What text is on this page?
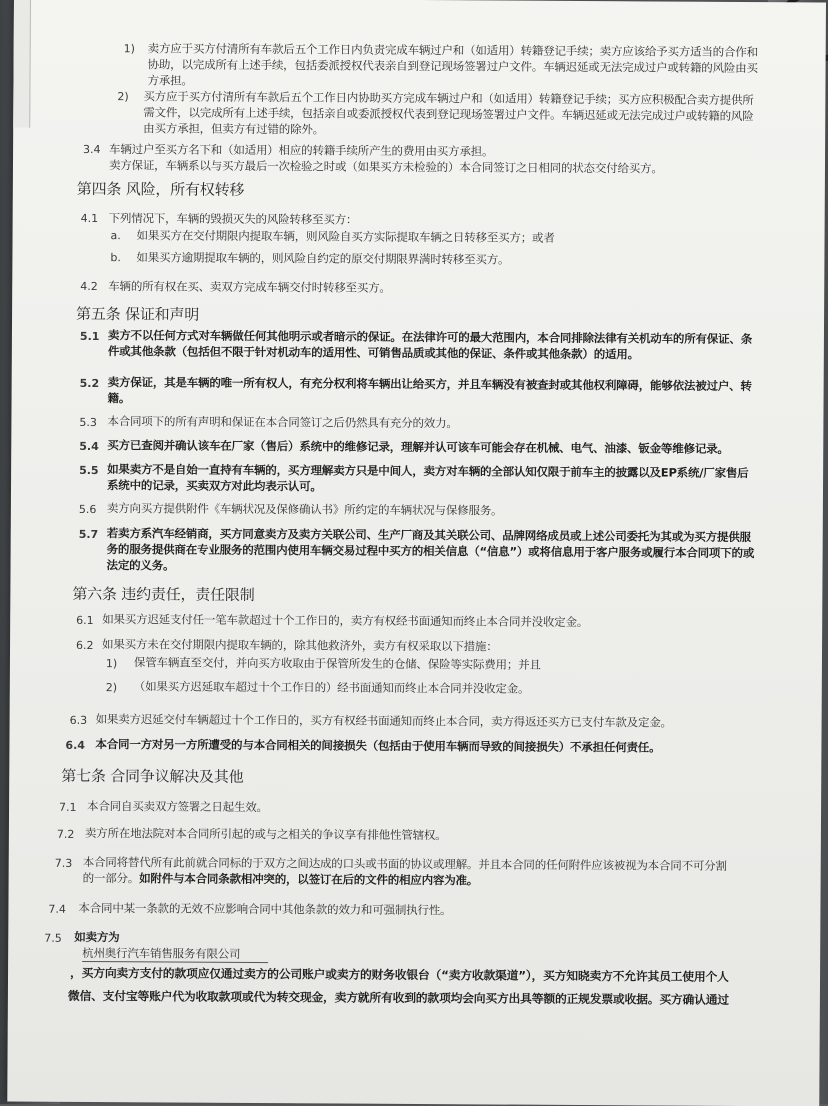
1) 卖方应于买方付清所有车款后五个工作日内负责完成车辆过户和（如适用）转籍登记手续；卖方应该给予买方适当的合作和
协助，以完成所有上述手续，包括委派授权代表亲自到登记现场签署过户文件。车辆迟延或无法完成过户或转籍的风险由买
方承担。
2) 买方应于买方付清所有车款后五个工作日内协助买方完成车辆过户和（如适用）转籍登记手续；买方应积极配合卖方提供所
需文件，以完成所有上述手续，包括亲自或委派授权代表到登记现场签署过户文件。车辆迟延或无法完成过户或转籍的风险
由买方承担，但卖方有过错的除外。
3.4 车辆过户至买方名下和（如适用）相应的转籍手续所产生的费用由买方承担。
卖方保证，车辆系以与买方最后一次检验之时或（如果买方未检验的）本合同签订之日相同的状态交付给买方。
第四条 风险，所有权转移
4.1 下列情况下，车辆的毁损灭失的风险转移至买方：
a. 如果买方在交付期限内提取车辆，则风险自买方实际提取车辆之日转移至买方；或者
b. 如果买方逾期提取车辆的，则风险自约定的原交付期限界满时转移至买方。
4.2 车辆的所有权在买、卖双方完成车辆交付时转移至买方。
第五条 保证和声明
5.1 卖方不以任何方式对车辆做任何其他明示或者暗示的保证。在法律许可的最大范围内，本合同排除法律有关机动车的所有保证、条
件或其他条款（包括但不限于针对机动车的适用性、可销售品质或其他的保证、条件或其他条款）的适用。
5.2 卖方保证，其是车辆的唯一所有权人，有充分权利将车辆出让给买方，并且车辆没有被查封或其他权利障碍，能够依法被过户、转
籍。
5.3 本合同项下的所有声明和保证在本合同签订之后仍然具有充分的效力。
5.4 买方已查阅并确认该车在厂家（售后）系统中的维修记录，理解并认可该车可能会存在机械、电气、油漆、钣金等维修记录。
5.5 如果卖方不是自始一直持有车辆的，买方理解卖方只是中间人，卖方对车辆的全部认知仅限于前车主的披露以及EP系统/厂家售后
系统中的记录，买卖双方对此均表示认可。
5.6 卖方向买方提供附件《车辆状况及保修确认书》所约定的车辆状况与保修服务。
5.7 若卖方系汽车经销商，买方同意卖方及卖方关联公司、生产厂商及其关联公司、品牌网络成员或上述公司委托为其或为买方提供服
务的服务提供商在专业服务的范围内使用车辆交易过程中买方的相关信息（“信息”）或将信息用于客户服务或履行本合同项下的或
法定的义务。
第六条 违约责任，责任限制
6.1 如果买方迟延支付任一笔车款超过十个工作日的，卖方有权经书面通知而终止本合同并没收定金。
6.2 如果买方未在交付期限内提取车辆的，除其他救济外，卖方有权采取以下措施：
1) 保管车辆直至交付，并向买方收取由于保管所发生的仓储、保险等实际费用；并且
2) （如果买方迟延取车超过十个工作日的）经书面通知而终止本合同并没收定金。
6.3 如果卖方迟延交付车辆超过十个工作日的，买方有权经书面通知而终止本合同，卖方得返还买方已支付车款及定金。
6.4 本合同一方对另一方所遭受的与本合同相关的间接损失（包括由于使用车辆而导致的间接损失）不承担任何责任。
第七条 合同争议解决及其他
7.1 本合同自买卖双方签署之日起生效。
7.2 卖方所在地法院对本合同所引起的或与之相关的争议享有排他性管辖权。
7.3 本合同将替代所有此前就合同标的于双方之间达成的口头或书面的协议或理解。并且本合同的任何附件应该被视为本合同不可分割
的一部分。如附件与本合同条款相冲突的，以签订在后的文件的相应内容为准。
7.4 本合同中某一条款的无效不应影响合同中其他条款的效力和可强制执行性。
7.5 如卖方为
杭州奥行汽车销售服务有限公司
，买方向卖方支付的款项应仅通过卖方的公司账户或卖方的财务收银台（“卖方收款渠道”），买方知晓卖方不允许其员工使用个人
微信、支付宝等账户代为收取款项或代为转交现金，卖方就所有收到的款项均会向买方出具等额的正规发票或收据。买方确认通过
